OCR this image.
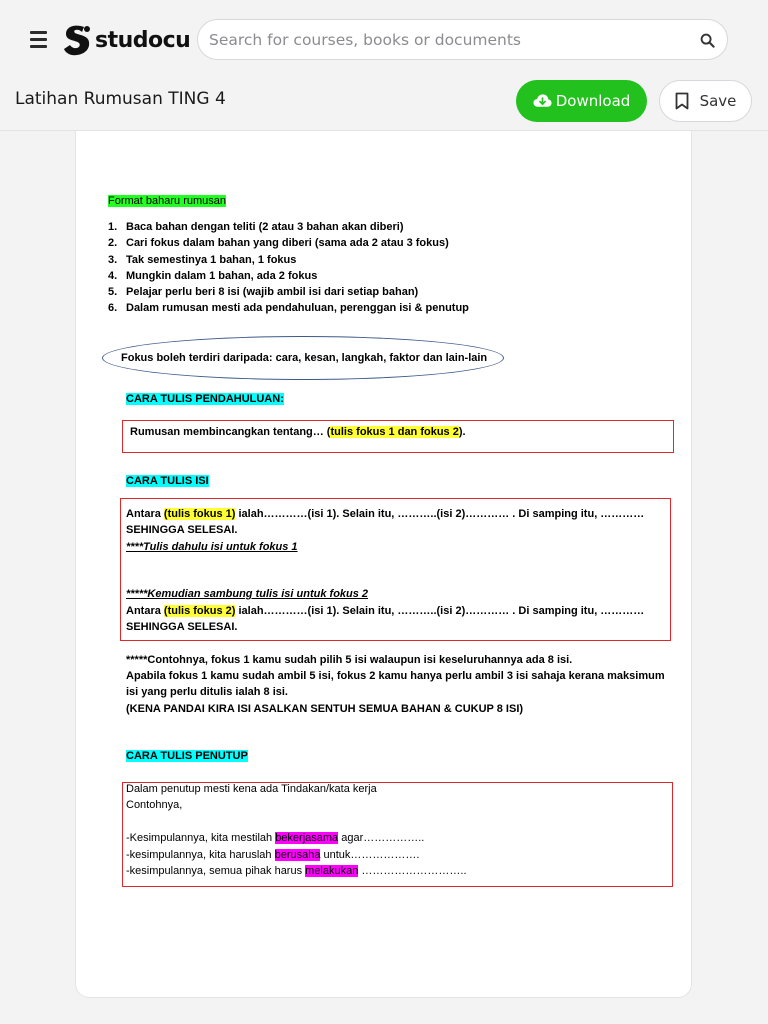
studocu Search for courses, books or documents
Latihan Rumusan TING 4	Download	Save
Format baharu rumusan
1. Baca bahan dengan teliti (2 atau 3 bahan akan diberi)
2. Cari fokus dalam bahan yang diberi (sama ada 2 atau 3 fokus)
3. Tak semestinya 1 bahan, 1 fokus
4. Mungkin dalam 1 bahan, ada 2 fokus
5. Pelajar perlu beri 8 isi (wajib ambil isi dari setiap bahan)
6. Dalam rumusan mesti ada pendahuluan, perenggan isi & penutup
Fokus boleh terdiri daripada: cara, kesan, langkah, faktor dan lain-lain
CARA TULIS PENDAHULUAN:
Rumusan membincangkan tentang… (tulis fokus 1 dan fokus 2).
CARA TULIS ISI
Antara (tulis fokus 1) ialah…………(isi 1). Selain itu, ………..(isi 2)………… . Di samping itu, …………
SEHINGGA SELESAI.
****Tulis dahulu isi untuk fokus 1
*****Kemudian sambung tulis isi untuk fokus 2
Antara (tulis fokus 2) ialah…………(isi 1). Selain itu, ………..(isi 2)………… . Di samping itu, …………
SEHINGGA SELESAI.
*****Contohnya, fokus 1 kamu sudah pilih 5 isi walaupun isi keseluruhannya ada 8 isi.
Apabila fokus 1 kamu sudah ambil 5 isi, fokus 2 kamu hanya perlu ambil 3 isi sahaja kerana maksimum
isi yang perlu ditulis ialah 8 isi.
(KENA PANDAI KIRA ISI ASALKAN SENTUH SEMUA BAHAN & CUKUP 8 ISI)
CARA TULIS PENUTUP
Dalam penutup mesti kena ada Tindakan/kata kerja
Contohnya,
-Kesimpulannya, kita mestilah bekerjasama agar……………..
-kesimpulannya, kita haruslah berusaha untuk……………….
-kesimpulannya, semua pihak harus melakukan ………………………..
